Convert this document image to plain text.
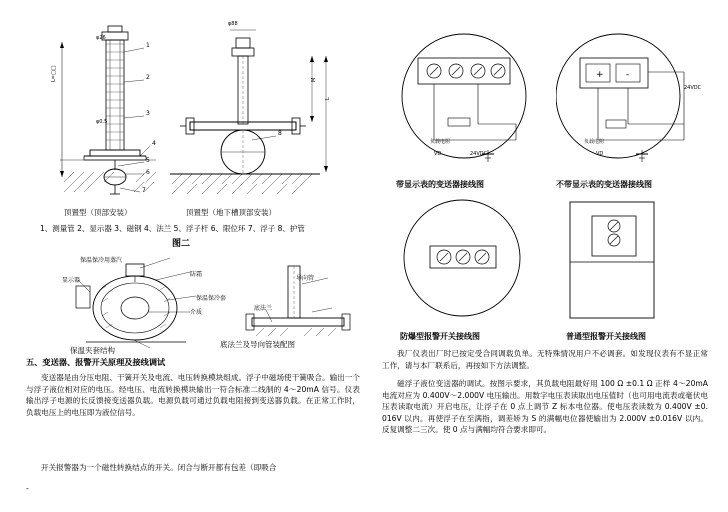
1
2
3
4
5
6
7
8
L=□□
φ26
φ0.5
φ88
M
L
顶置型（顶部安装）	顶置型（地下槽顶部安装）
1、测量管 2、显示器 3、磁钢 4、法兰 5、浮子杆 6、限位环 7、浮子 8、护管
图二
保温保冷用蒸汽
防霜
显示器
保温保冷套
导向管
介质
底法兰
保温夹套结构
底法兰及导向管装配图
五、变送器、报警开关原理及接线调试
变送器是由分压电阻、干簧开关及电流、电压转换模块组成。浮子中磁场使干簧吸合。输出一个与浮子液位相对应的电压。经电压、电流转换模块输出一符合标准二线制的 4～20mA 信号。仪表输出浮子电源的长反馈接变送器负载。电源负载可通过负载电阻接到变送器负载。在正常工作时，负载电压上的电压即为液位信号。
开关报警器为一个磁性转换结点的开关。闭合与断开都有包差（即吸合
-
24VDC
负载电阻
VD
带显示表的变送器接线图
+ -
24VDC
负载电阻
VD
不带显示表的变送器接线图
防爆型报警开关接线图	普通型报警开关接线图
我厂仪表出厂时已按定受合同调载负单。无特殊情况用户不必调套。如发现仪表有不显正常工作，请与本厂联系后，再按如下方法调整。
磁浮子液位变送器的调试。按图示要求，其负载电阻最好用 100 Ω ±0.1 Ω 正样 4～20mA 电流对应为 0.400V～2.000V 电压输出。用数字电压表读取出电压值时（也可用电流表或毫伏电压表读取电流）开启电压，让浮子在 0 点上调节 Z 标本电位器。使电压表读数为 0.400V ±0. 016V 以内。再使浮子在至满指，调差矫为 S 的满幅电位器使输出为 2.000V ±0.016V 以内。反复调整二三次。使 0 点与满幅均符合要求即可。
